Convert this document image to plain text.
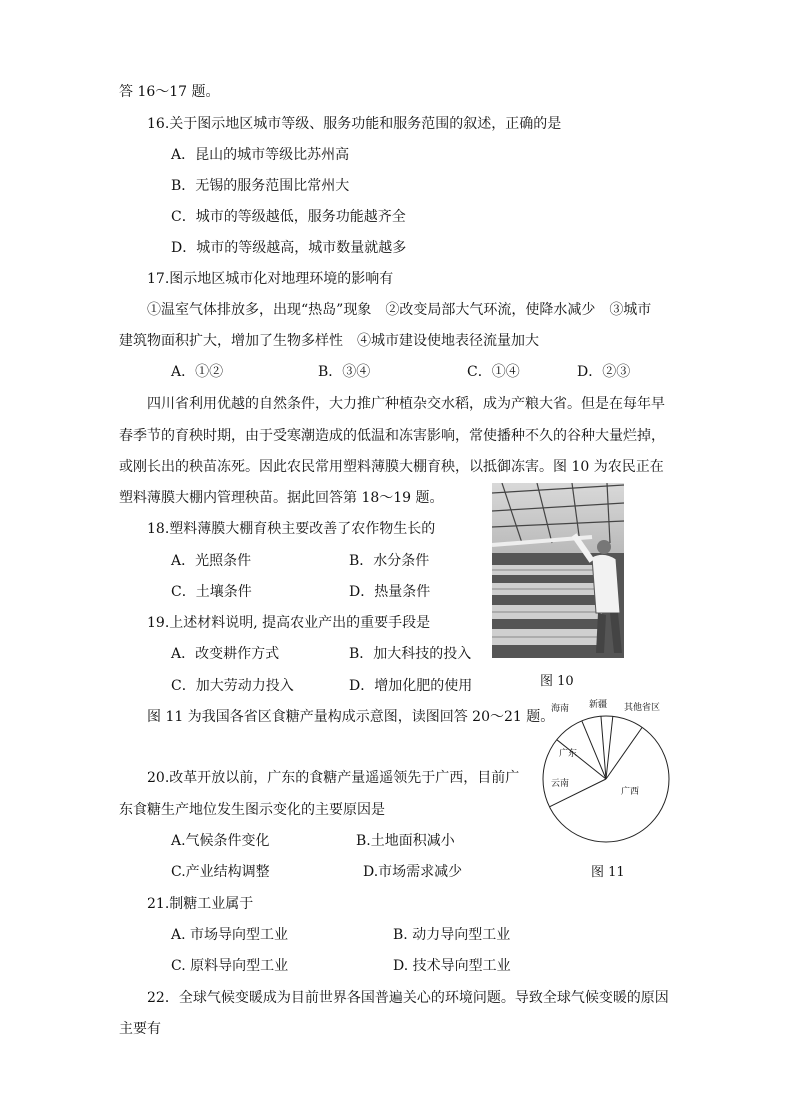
答 16～17 题。
16.关于图示地区城市等级、服务功能和服务范围的叙述，正确的是
A．昆山的城市等级比苏州高
B．无锡的服务范围比常州大
C．城市的等级越低，服务功能越齐全
D．城市的等级越高，城市数量就越多
17.图示地区城市化对地理环境的影响有
①温室气体排放多，出现“热岛”现象　②改变局部大气环流，使降水减少　③城市
建筑物面积扩大，增加了生物多样性　④城市建设使地表径流量加大
A．①②	B．③④	C．①④	D．②③
四川省利用优越的自然条件，大力推广种植杂交水稻，成为产粮大省。但是在每年早
春季节的育秧时期，由于受寒潮造成的低温和冻害影响，常使播种不久的谷种大量烂掉，
或刚长出的秧苗冻死。因此农民常用塑料薄膜大棚育秧，以抵御冻害。图 10 为农民正在
塑料薄膜大棚内管理秧苗。据此回答第 18～19 题。
18.塑料薄膜大棚育秧主要改善了农作物生长的
A．光照条件	B．水分条件
C．土壤条件	D．热量条件
19.上述材料说明, 提高农业产出的重要手段是
A．改变耕作方式	B．加大科技的投入
C．加大劳动力投入	D．增加化肥的使用
图 11 为我国各省区食糖产量构成示意图，读图回答 20～21 题。
20.改革开放以前，广东的食糖产量遥遥领先于广西，目前广
东食糖生产地位发生图示变化的主要原因是
A.气候条件变化	B.土地面积减小
C.产业结构调整	D.市场需求减少
21.制糖工业属于
A. 市场导向型工业	B. 动力导向型工业
C. 原料导向型工业	D. 技术导向型工业
22．全球气候变暖成为目前世界各国普遍关心的环境问题。导致全球气候变暖的原因
主要有
图 10
广西
云南
广东
海南 新疆 其他省区
图 11
